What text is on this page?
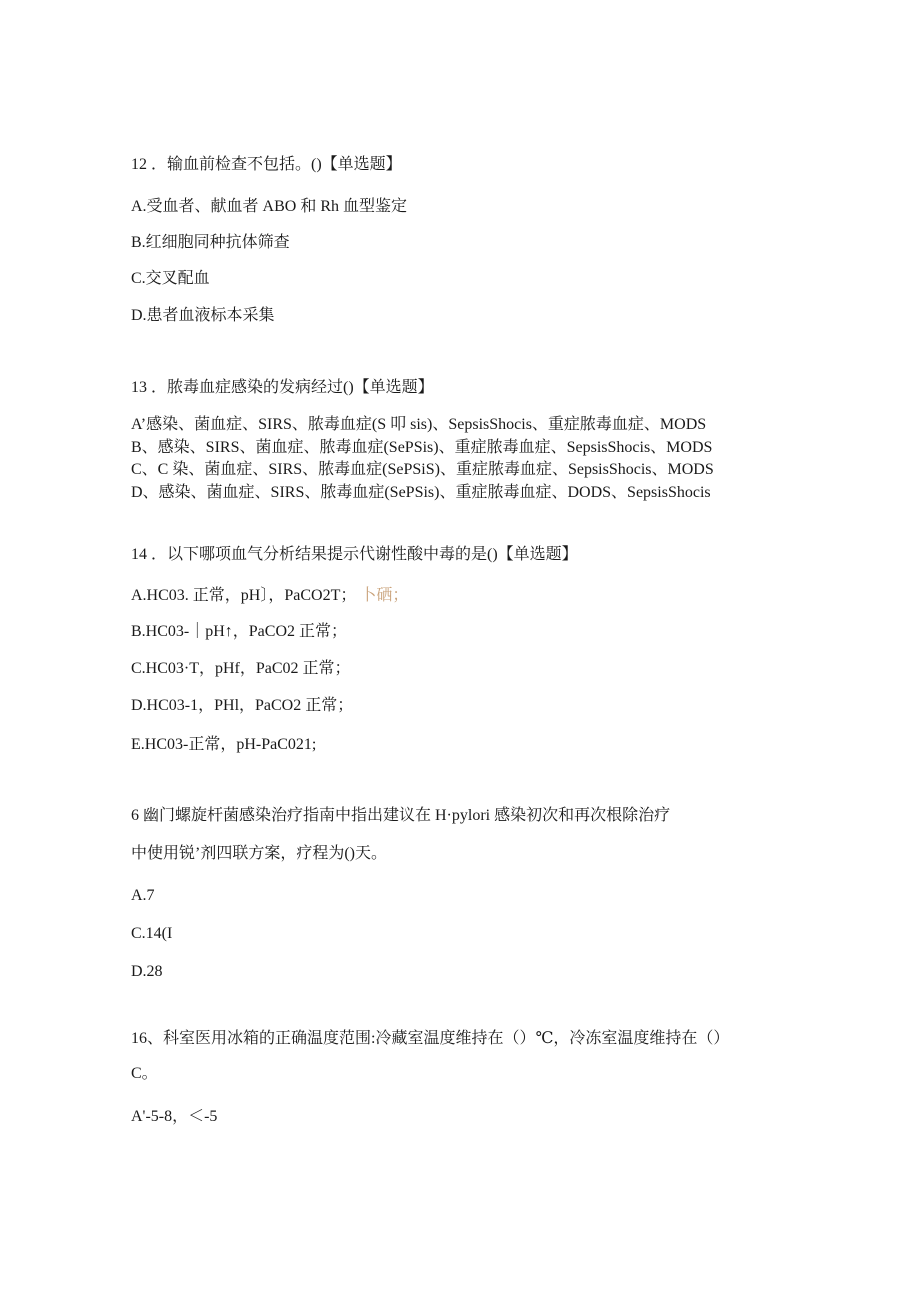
12 ．输血前检查不包括。()【单选题】
A.受血者、献血者 ABO 和 Rh 血型鉴定
B.红细胞同种抗体筛查
C.交叉配血
D.患者血液标本采集
13 ．脓毒血症感染的发病经过()【单选题】
A’感染、菌血症、SIRS、脓毒血症(S 叩 sis)、SepsisShocis、重症脓毒血症、MODS
B、感染、SIRS、菌血症、脓毒血症(SePSis)、重症脓毒血症、SepsisShocis、MODS
C、C 染、菌血症、SIRS、脓毒血症(SePSiS)、重症脓毒血症、SepsisShocis、MODS
D、感染、菌血症、SIRS、脓毒血症(SePSis)、重症脓毒血症、DODS、SepsisShocis
14 ．以下哪项血气分析结果提示代谢性酸中毒的是()【单选题】
A.HC03. 正常，pH〕，PaCO2T； 卜硒；
B.HC03-｜pH↑，PaCO2 正常；
C.HC03·T，pHf，PaC02 正常；
D.HC03-1，PHl，PaCO2 正常；
E.HC03-正常，pH-PaC021;
6 幽门螺旋杆菌感染治疗指南中指出建议在 H·pylori 感染初次和再次根除治疗
中使用锐’剂四联方案，疗程为()天。
A.7
C.14(I
D.28
16、科室医用冰箱的正确温度范围:冷藏室温度维持在（）℃，冷冻室温度维持在（）
C。
A'-5-8，＜-5
